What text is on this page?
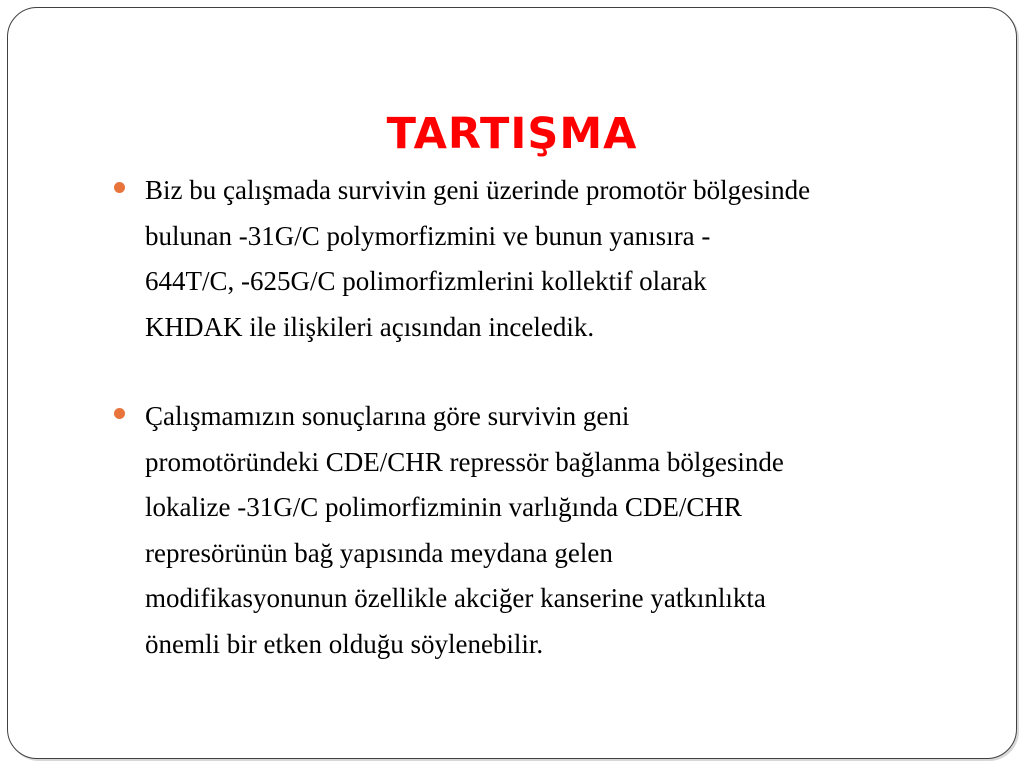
TARTIŞMA
Biz bu çalışmada survivin geni üzerinde promotör bölgesinde
bulunan -31G/C polymorfizmini ve bunun yanısıra -
644T/C, -625G/C polimorfizmlerini kollektif olarak
KHDAK ile ilişkileri açısından inceledik.
Çalışmamızın sonuçlarına göre survivin geni
promotöründeki CDE/CHR repressör bağlanma bölgesinde
lokalize -31G/C polimorfizminin varlığında CDE/CHR
represörünün bağ yapısında meydana gelen
modifikasyonunun özellikle akciğer kanserine yatkınlıkta
önemli bir etken olduğu söylenebilir.
